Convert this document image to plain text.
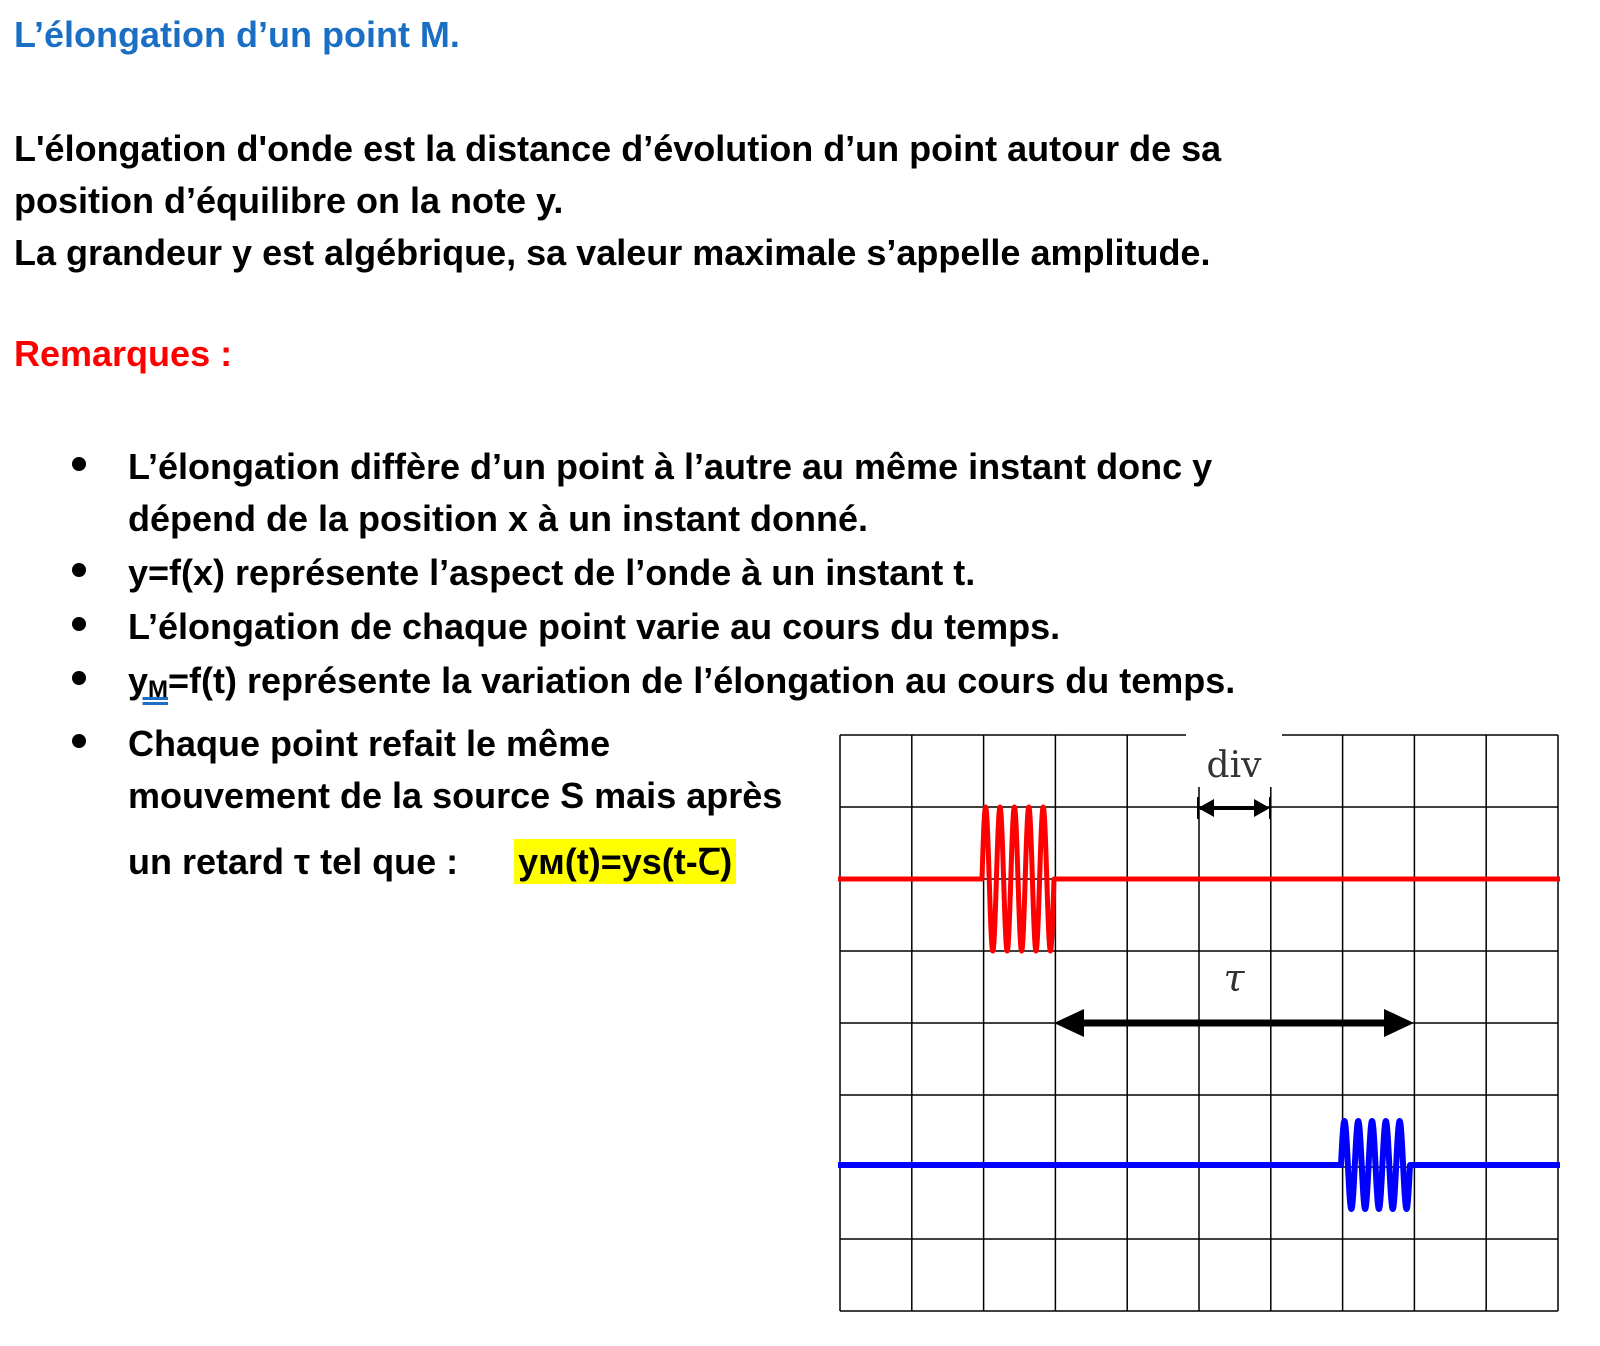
L’élongation d’un point M.
L'élongation d'onde est la distance d’évolution d’un point autour de sa
position d’équilibre on la note y.
La grandeur y est algébrique, sa valeur maximale s’appelle amplitude.
Remarques :
L’élongation diffère d’un point à l’autre au même instant donc y
dépend de la position x à un instant donné.
y=f(x) représente l’aspect de l’onde à un instant t.
L’élongation de chaque point varie au cours du temps.
yM=f(t) représente la variation de l’élongation au cours du temps.
Chaque point refait le même
mouvement de la source S mais après
un retard τ tel que : yᴍ(t)=ys(t-Ꞇ)
div
τ
